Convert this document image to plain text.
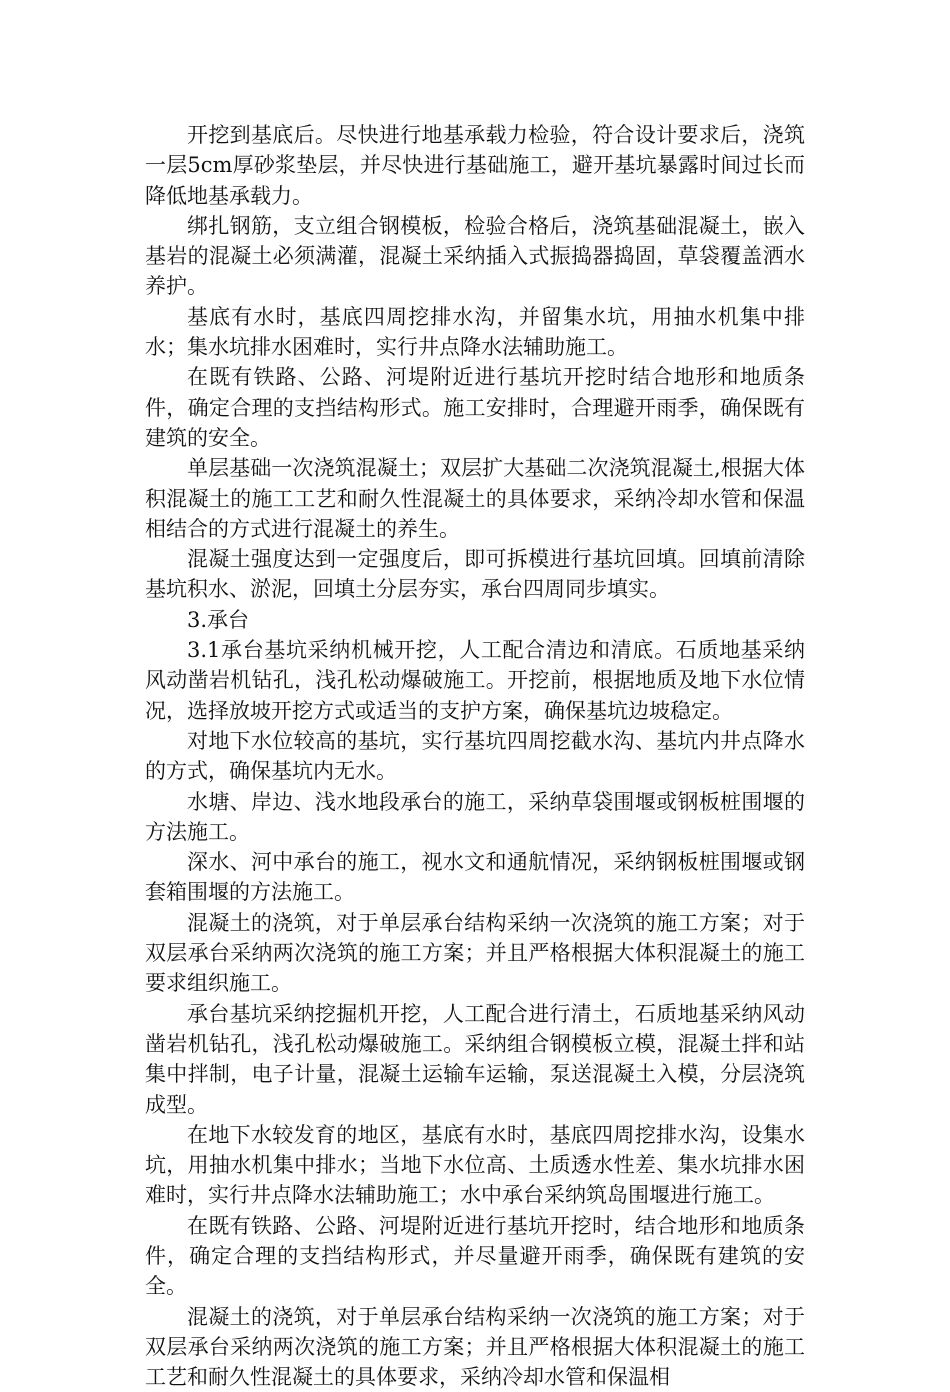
开挖到基底后。尽快进行地基承载力检验，符合设计要求后，浇筑一层5cm厚砂浆垫层，并尽快进行基础施工，避开基坑暴露时间过长而降低地基承载力。

绑扎钢筋，支立组合钢模板，检验合格后，浇筑基础混凝土，嵌入基岩的混凝土必须满灌，混凝土采纳插入式振捣器捣固，草袋覆盖洒水养护。

基底有水时，基底四周挖排水沟，并留集水坑，用抽水机集中排水；集水坑排水困难时，实行井点降水法辅助施工。

在既有铁路、公路、河堤附近进行基坑开挖时结合地形和地质条件，确定合理的支挡结构形式。施工安排时，合理避开雨季，确保既有建筑的安全。

单层基础一次浇筑混凝土；双层扩大基础二次浇筑混凝土,根据大体积混凝土的施工工艺和耐久性混凝土的具体要求，采纳冷却水管和保温相结合的方式进行混凝土的养生。

混凝土强度达到一定强度后，即可拆模进行基坑回填。回填前清除基坑积水、淤泥，回填土分层夯实，承台四周同步填实。

3.承台

3.1承台基坑采纳机械开挖，人工配合清边和清底。石质地基采纳风动凿岩机钻孔，浅孔松动爆破施工。开挖前，根据地质及地下水位情况，选择放坡开挖方式或适当的支护方案，确保基坑边坡稳定。

对地下水位较高的基坑，实行基坑四周挖截水沟、基坑内井点降水的方式，确保基坑内无水。

水塘、岸边、浅水地段承台的施工，采纳草袋围堰或钢板桩围堰的方法施工。

深水、河中承台的施工，视水文和通航情况，采纳钢板桩围堰或钢套箱围堰的方法施工。

混凝土的浇筑，对于单层承台结构采纳一次浇筑的施工方案；对于双层承台采纳两次浇筑的施工方案；并且严格根据大体积混凝土的施工要求组织施工。

承台基坑采纳挖掘机开挖，人工配合进行清土，石质地基采纳风动凿岩机钻孔，浅孔松动爆破施工。采纳组合钢模板立模，混凝土拌和站集中拌制，电子计量，混凝土运输车运输，泵送混凝土入模，分层浇筑成型。

在地下水较发育的地区，基底有水时，基底四周挖排水沟，设集水坑，用抽水机集中排水；当地下水位高、土质透水性差、集水坑排水困难时，实行井点降水法辅助施工；水中承台采纳筑岛围堰进行施工。

在既有铁路、公路、河堤附近进行基坑开挖时，结合地形和地质条件，确定合理的支挡结构形式，并尽量避开雨季，确保既有建筑的安全。

混凝土的浇筑，对于单层承台结构采纳一次浇筑的施工方案；对于双层承台采纳两次浇筑的施工方案；并且严格根据大体积混凝土的施工工艺和耐久性混凝土的具体要求，采纳冷却水管和保温相
